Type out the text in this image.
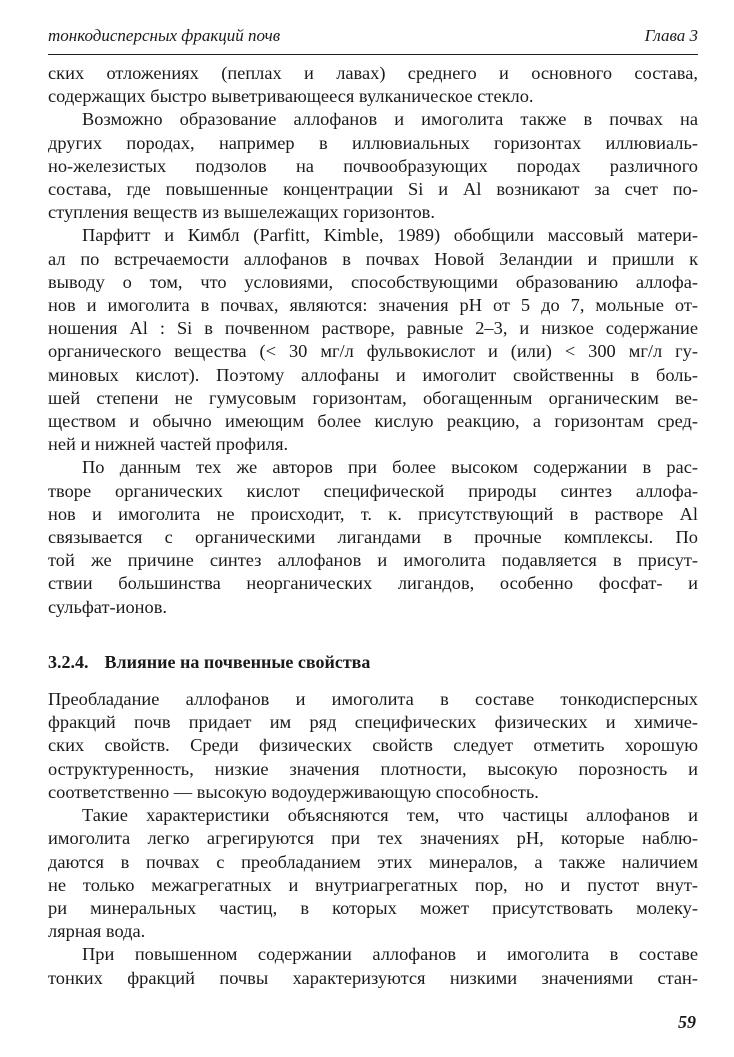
тонкодисперсных фракций почв	Глава 3
ских отложениях (пеплах и лавах) среднего и основного состава,
содержащих быстро выветривающееся вулканическое стекло.
Возможно образование аллофанов и имоголита также в почвах на
других породах, например в иллювиальных горизонтах иллювиаль-
но-железистых подзолов на почвообразующих породах различного
состава, где повышенные концентрации Si и Al возникают за счет по-
ступления веществ из вышележащих горизонтов.
Парфитт и Кимбл (Parfitt, Kimble, 1989) обобщили массовый матери-
ал по встречаемости аллофанов в почвах Новой Зеландии и пришли к
выводу о том, что условиями, способствующими образованию аллофа-
нов и имоголита в почвах, являются: значения pH от 5 до 7, мольные от-
ношения Al : Si в почвенном растворе, равные 2–3, и низкое содержание
органического вещества (< 30 мг/л фульвокислот и (или) < 300 мг/л гу-
миновых кислот). Поэтому аллофаны и имоголит свойственны в боль-
шей степени не гумусовым горизонтам, обогащенным органическим ве-
ществом и обычно имеющим более кислую реакцию, а горизонтам сред-
ней и нижней частей профиля.
По данным тех же авторов при более высоком содержании в рас-
творе органических кислот специфической природы синтез аллофа-
нов и имоголита не происходит, т. к. присутствующий в растворе Al
связывается с органическими лигандами в прочные комплексы. По
той же причине синтез аллофанов и имоголита подавляется в присут-
ствии большинства неорганических лигандов, особенно фосфат- и
сульфат-ионов.
3.2.4. Влияние на почвенные свойства
Преобладание аллофанов и имоголита в составе тонкодисперсных
фракций почв придает им ряд специфических физических и химиче-
ских свойств. Среди физических свойств следует отметить хорошую
оструктуренность, низкие значения плотности, высокую порозность и
соответственно — высокую водоудерживающую способность.
Такие характеристики объясняются тем, что частицы аллофанов и
имоголита легко агрегируются при тех значениях pH, которые наблю-
даются в почвах с преобладанием этих минералов, а также наличием
не только межагрегатных и внутриагрегатных пор, но и пустот внут-
ри минеральных частиц, в которых может присутствовать молеку-
лярная вода.
При повышенном содержании аллофанов и имоголита в составе
тонких фракций почвы характеризуются низкими значениями стан-
59
